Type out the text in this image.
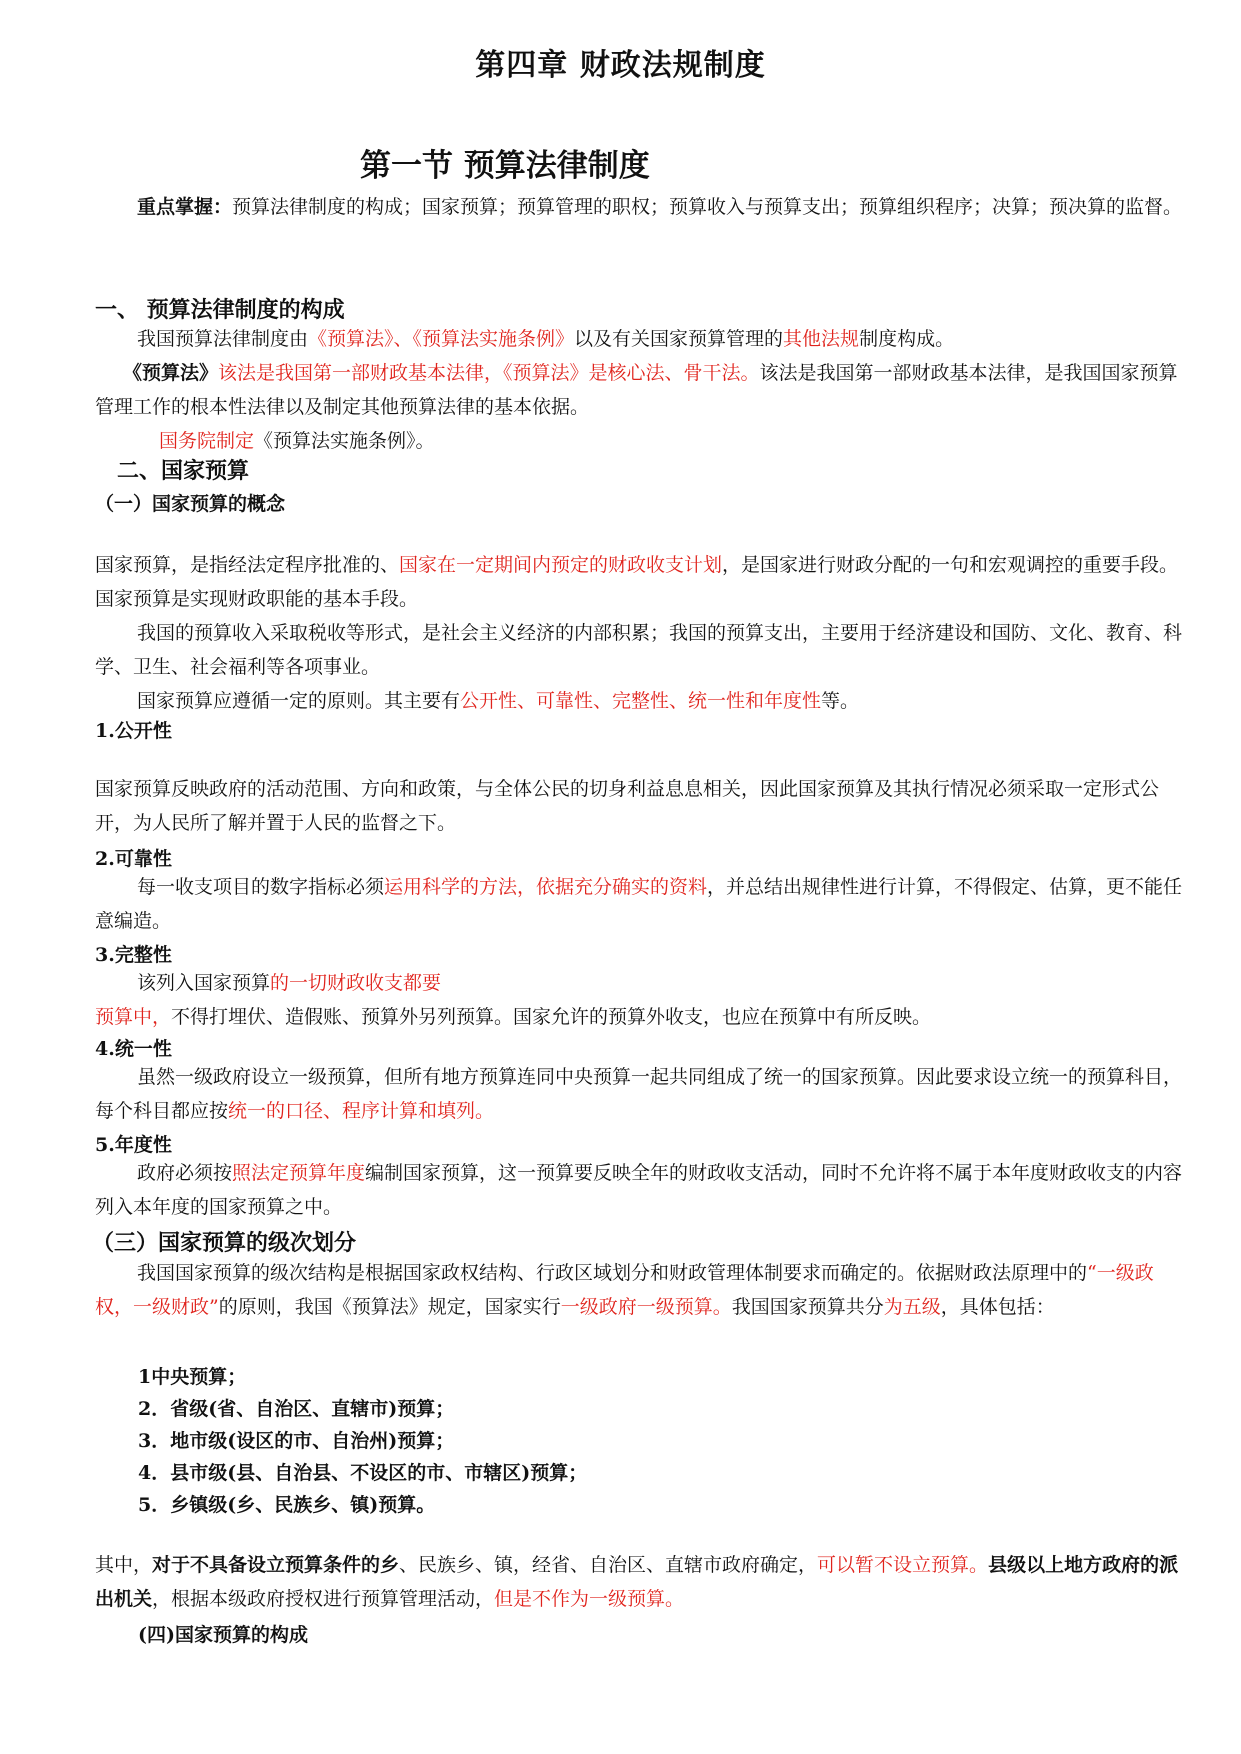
第四章 财政法规制度
第一节 预算法律制度

重点掌握：预算法律制度的构成；国家预算；预算管理的职权；预算收入与预算支出；预算组织程序；决算；预决算的监督。

一、 预算法律制度的构成

我国预算法律制度由《预算法》、《预算法实施条例》以及有关国家预算管理的其他法规制度构成。

《预算法》该法是我国第一部财政基本法律，《预算法》是核心法、骨干法。该法是我国第一部财政基本法律，是我国国家预算管理工作的根本性法律以及制定其他预算法律的基本依据。

国务院制定《预算法实施条例》。

二、国家预算
（一）国家预算的概念

国家预算，是指经法定程序批准的、国家在一定期间内预定的财政收支计划，是国家进行财政分配的一句和宏观调控的重要手段。国家预算是实现财政职能的基本手段。

我国的预算收入采取税收等形式，是社会主义经济的内部积累；我国的预算支出，主要用于经济建设和国防、文化、教育、科学、卫生、社会福利等各项事业。

国家预算应遵循一定的原则。其主要有公开性、可靠性、完整性、统一性和年度性等。

1.公开性

国家预算反映政府的活动范围、方向和政策，与全体公民的切身利益息息相关，因此国家预算及其执行情况必须采取一定形式公开，为人民所了解并置于人民的监督之下。

2.可靠性

每一收支项目的数字指标必须运用科学的方法，依据充分确实的资料，并总结出规律性进行计算，不得假定、估算，更不能任意编造。

3.完整性

该列入国家预算的一切财政收支都要

预算中，不得打埋伏、造假账、预算外另列预算。国家允许的预算外收支，也应在预算中有所反映。

4.统一性

虽然一级政府设立一级预算，但所有地方预算连同中央预算一起共同组成了统一的国家预算。因此要求设立统一的预算科目，每个科目都应按统一的口径、程序计算和填列。

5.年度性

政府必须按照法定预算年度编制国家预算，这一预算要反映全年的财政收支活动，同时不允许将不属于本年度财政收支的内容列入本年度的国家预算之中。

（三）国家预算的级次划分

我国国家预算的级次结构是根据国家政权结构、行政区域划分和财政管理体制要求而确定的。依据财政法原理中的“一级政权，一级财政”的原则，我国《预算法》规定，国家实行一级政府一级预算。我国国家预算共分为五级，具体包括：

1中央预算；
2．省级(省、自治区、直辖市)预算；
3．地市级(设区的市、自治州)预算；
4．县市级(县、自治县、不设区的市、市辖区)预算；
5．乡镇级(乡、民族乡、镇)预算。

其中，对于不具备设立预算条件的乡、民族乡、镇，经省、自治区、直辖市政府确定，可以暂不设立预算。县级以上地方政府的派出机关，根据本级政府授权进行预算管理活动，但是不作为一级预算。

(四)国家预算的构成
